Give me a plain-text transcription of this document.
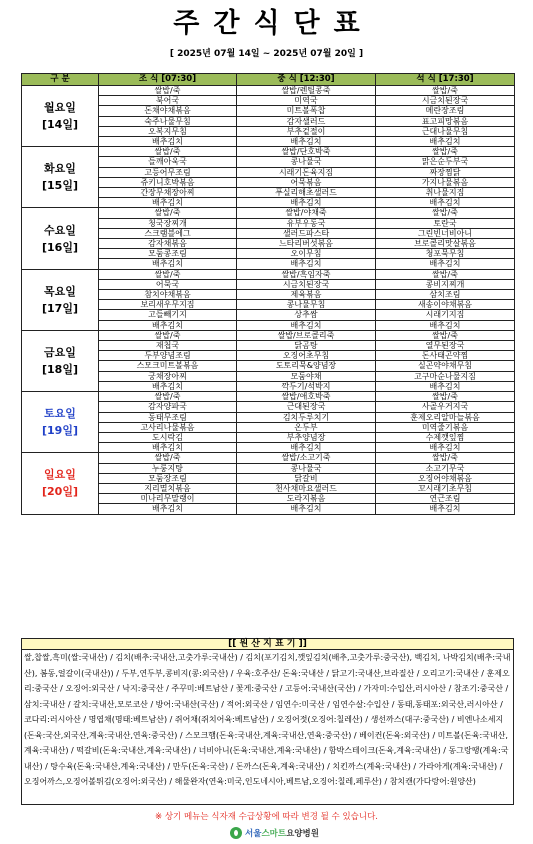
주간식단표
[ 2025년 07월 14일 ~ 2025년 07월 20일 ]
구 분	조 식 [07:30]	중 식 [12:30]	석 식 [17:30]

월요일
[14일]	쌀밥/죽	쌀밥/렌틸콩죽	쌀밥/죽
	북어국	미역국	시금치된장국
	돈채야채볶음	미트볼폭찹	메란장조림
	숙주나물무침	감자샐러드	표고피망볶음
	오복지무침	부추겉절이	근대나물무침
	배추김치	배추김치	배추김치

화요일
[15일]	쌀밥/죽	쌀밥/단호박죽	쌀밥/죽
	들깨아욱국	콩나물국	맑은순두부국
	고등어무조림	시래기돈육지짐	짜장찜닭
	쥬키니호박볶음	어묵볶음	가지나물볶음
	간장무채장아찌	푸실리해초샐러드	취나물지짐
	배추김치	배추김치	배추김치

수요일
[16일]	쌀밥/죽	쌀밥/야채죽	쌀밥/죽
	청국장찌개	유부우동국	토란국
	스크램블에그	샐러드파스타	그린빈너비아니
	감자채볶음	느타리버섯볶음	브로콜리맛살볶음
	모둠콩조림	오이무침	청포묵무침
	배추김치	배추김치	배추김치

목요일
[17일]	쌀밥/죽	쌀밥/흑임자죽	쌀밥/죽
	어묵국	시금치된장국	콩비지찌개
	참치야채볶음	제육볶음	삼치조림
	보리새우무지짐	콩나물무침	새송이야채볶음
	고들빼기지	상추쌈	시래기지짐
	배추김치	배추김치	배추김치

금요일
[18일]	쌀밥/죽	쌀밥/브로콜리죽	쌀밥/죽
	재첩국	닭곰탕	열무된장국
	두부양념조림	오징어초무침	돈사태곤약찜
	스모크미트볼볶음	도토리묵&양념장	실곤약야채무침
	궁채장아찌	모둠야채	고구마순나물지짐
	배추김치	깍두기/석박지	배추김치

토요일
[19일]	쌀밥/죽	쌀밥/애호박죽	쌀밥/죽
	감자양파국	근대된장국	사골우거지국
	동태무조림	김치두루치기	훈제오리알마늘볶음
	고사리나물볶음	온두부	미역줄기볶음
	도시락김	부추양념장	수제깻잎찜
	배추김치	배추김치	배추김치

일요일
[20일]	쌀밥/죽	쌀밥/소고기죽	쌀밥/죽
	누룽지탕	콩나물국	소고기무국
	모둠장조림	닭갈비	오징어야채볶음
	지리멸치볶음	천사채마요샐러드	꼬시래기초무침
	미나리무말랭이	도라지볶음	연근조림
	배추김치	배추김치	배추김치
[[ 원 산 지 표 기 ]]
쌀,찹쌀,흑미(쌀:국내산) / 김치(배추:국내산,고춧가루:국내산) / 김치(포기김치,깻잎김치(배추,고춧가루:중국산), 백김치, 나박김치(배추:국내산), 봄동,얼갈이(국내산)) / 두부,연두부,콩비지(콩:외국산) / 우육:호주산/ 돈육:국내산 / 닭고기:국내산,브라질산 / 오리고기:국내산 / 훈제오리:중국산 / 오징어:외국산 / 낙지:중국산 / 주꾸미:베트남산 / 꽃게:중국산 / 고등어:국내산(국산) / 가자미:수입산,러시아산 / 참조기:중국산 / 삼치:국내산 / 갈치:국내산,모로코산 / 방어:국내산(국산) / 적어:외국산 / 임연수:미국산 / 임연수살:수입산 / 동태,동태포:외국산,러시아산 / 코다리:러시아산 / 명엽채(명태:베트남산) / 쥐어채(쥐치어육:베트남산) / 오징어젓(오징어:칠레산) / 생선까스(대구:중국산) / 비엔나소세지(돈육:국산,외국산,계육:국내산,연육:중국산) / 스모크햄(돈육:국내산,계육:국내산,연육:중국산) / 베이컨(돈육:외국산) / 미트볼(돈육:국내산,계육:국내산) / 떡갈비(돈육:국내산,계육:국내산) / 너비아니(돈육:국내산,계육:국내산) / 함박스테이크(돈육,계육:국내산) / 동그랑땡(계육:국내산) / 탕수육(돈육:국내산,계육:국내산) / 만두(돈육:국산) / 돈까스(돈육,계육:국내산) / 치킨까스(계육:국내산) / 가라아게(계육:국내산) / 오징어까스,오징어볼튀김(오징어:외국산) / 해물완자(연육:미국,인도네시아,베트남,오징어:칠레,페루산) / 참치캔(가다랑어:원양산)
※ 상기 메뉴는 식자재 수급상황에 따라 변경 될 수 있습니다.
서울 스마트 요양병원
